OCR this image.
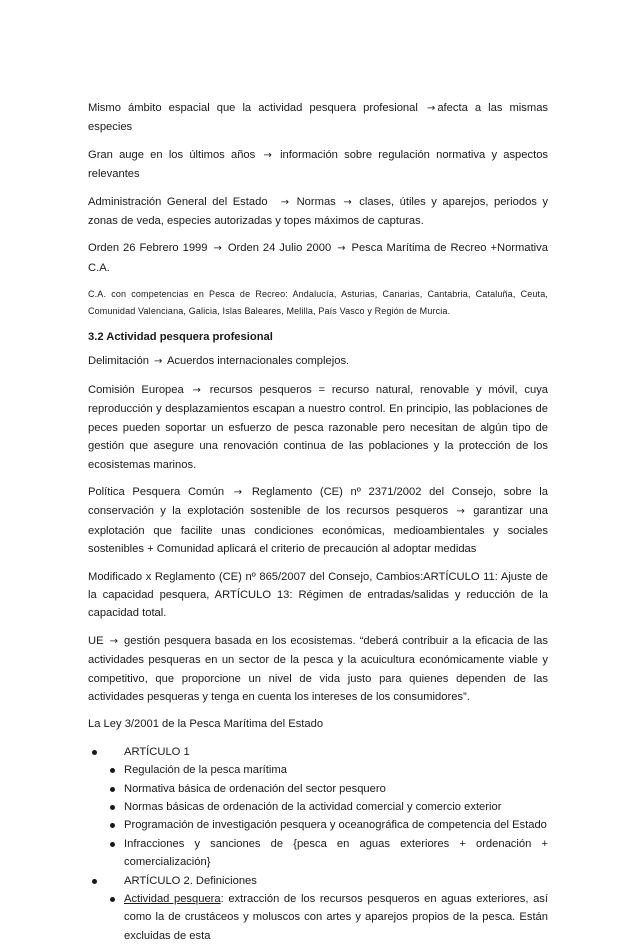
Mismo ámbito espacial que la actividad pesquera profesional → afecta a las mismas especies

Gran auge en los últimos años → información sobre regulación normativa y aspectos relevantes

Administración General del Estado → Normas → clases, útiles y aparejos, periodos y zonas de veda, especies autorizadas y topes máximos de capturas.

Orden 26 Febrero 1999 → Orden 24 Julio 2000 → Pesca Marítima de Recreo +Normativa C.A.

C.A. con competencias en Pesca de Recreo: Andalucía, Asturias, Canarias, Cantabria, Cataluña, Ceuta, Comunidad Valenciana, Galicia, Islas Baleares, Melilla, País Vasco y Región de Murcia.

3.2 Actividad pesquera profesional

Delimitación → Acuerdos internacionales complejos.

Comisión Europea → recursos pesqueros = recurso natural, renovable y móvil, cuya reproducción y desplazamientos escapan a nuestro control. En principio, las poblaciones de peces pueden soportar un esfuerzo de pesca razonable pero necesitan de algún tipo de gestión que asegure una renovación continua de las poblaciones y la protección de los ecosistemas marinos.

Política Pesquera Común → Reglamento (CE) nº 2371/2002 del Consejo, sobre la conservación y la explotación sostenible de los recursos pesqueros → garantizar una explotación que facilite unas condiciones económicas, medioambientales y sociales sostenibles + Comunidad aplicará el criterio de precaución al adoptar medidas

Modificado x Reglamento (CE) nº 865/2007 del Consejo, Cambios:ARTÍCULO 11: Ajuste de la capacidad pesquera, ARTÍCULO 13: Régimen de entradas/salidas y reducción de la capacidad total.

UE → gestión pesquera basada en los ecosistemas. “deberá contribuir a la eficacia de las actividades pesqueras en un sector de la pesca y la acuicultura económicamente viable y competitivo, que proporcione un nivel de vida justo para quienes dependen de las actividades pesqueras y tenga en cuenta los intereses de los consumidores”.

La Ley 3/2001 de la Pesca Marítima del Estado

ARTÍCULO 1
Regulación de la pesca marítima
Normativa básica de ordenación del sector pesquero
Normas básicas de ordenación de la actividad comercial y comercio exterior
Programación de investigación pesquera y oceanográfica de competencia del Estado
Infracciones y sanciones de {pesca en aguas exteriores + ordenación + comercialización}
ARTÍCULO 2. Definiciones
Actividad pesquera: extracción de los recursos pesqueros en aguas exteriores, así como la de crustáceos y moluscos con artes y aparejos propios de la pesca. Están excluidas de esta
